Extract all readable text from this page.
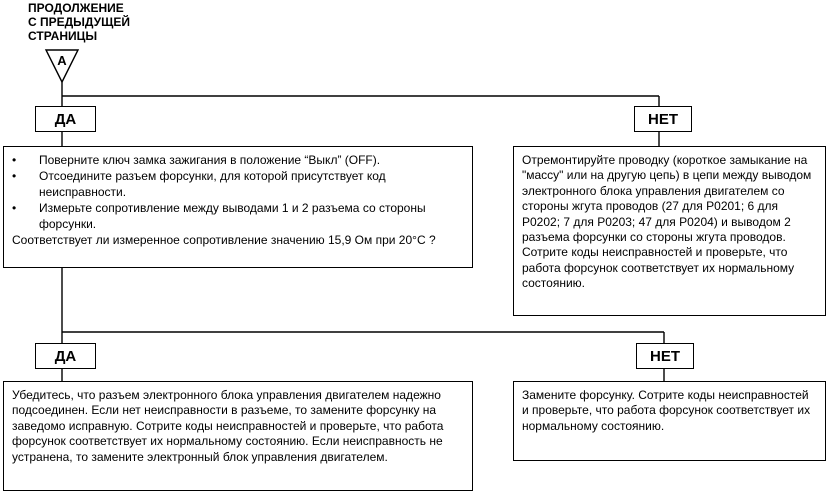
ПРОДОЛЖЕНИЕ
С ПРЕДЫДУЩЕЙ
СТРАНИЦЫ
A
ДА	НЕТ
• Поверните ключ замка зажигания в положение “Выкл” (OFF).
• Отсоедините разъем форсунки, для которой присутствует код неисправности.
• Измерьте сопротивление между выводами 1 и 2 разъема со стороны форсунки.
Соответствует ли измеренное сопротивление значению 15,9 Ом при 20°С ?
Отремонтируйте проводку (короткое замыкание на "массу" или на другую цепь) в цепи между выводом электронного блока управления двигателем со стороны жгута проводов (27 для P0201; 6 для P0202; 7 для P0203; 47 для P0204) и выводом 2 разъема форсунки со стороны жгута проводов. Сотрите коды неисправностей и проверьте, что работа форсунок соответствует их нормальному состоянию.
ДА	НЕТ
Убедитесь, что разъем электронного блока управления двигателем надежно подсоединен. Если нет неисправности в разъеме, то замените форсунку на заведомо исправную. Сотрите коды неисправностей и проверьте, что работа форсунок соответствует их нормальному состоянию. Если неисправность не устранена, то замените электронный блок управления двигателем.
Замените форсунку. Сотрите коды неисправностей и проверьте, что работа форсунок соответствует их нормальному состоянию.
